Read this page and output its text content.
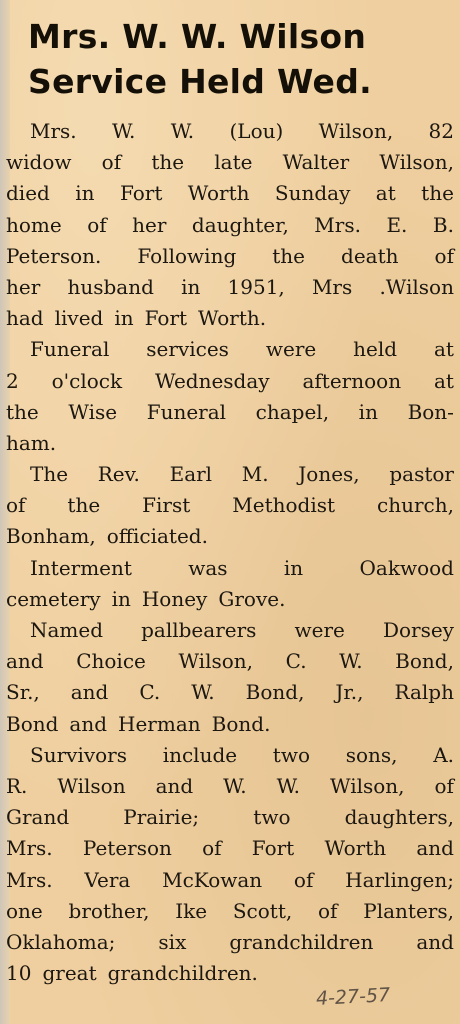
Mrs. W. W. Wilson
Service Held Wed.
Mrs. W. W. (Lou) Wilson, 82
widow of the late Walter Wilson,
died in Fort Worth Sunday at the
home of her daughter, Mrs. E. B.
Peterson. Following the death of
her husband in 1951, Mrs .Wilson
had lived in Fort Worth.
Funeral services were held at
2 o'clock Wednesday afternoon at
the Wise Funeral chapel, in Bon-
ham.
The Rev. Earl M. Jones, pastor
of the First Methodist church,
Bonham, officiated.
Interment	was	in	Oakwood
cemetery in Honey Grove.
Named pallbearers were Dorsey
and Choice Wilson, C. W. Bond,
Sr., and C. W. Bond, Jr., Ralph
Bond and Herman Bond.
Survivors include two sons, A.
R. Wilson and W. W. Wilson, of
Grand	Prairie;	two	daughters,
Mrs. Peterson of Fort Worth and
Mrs. Vera McKowan of Harlingen;
one brother, Ike Scott, of Planters,
Oklahoma; six grandchildren and
10 great grandchildren.
4-27-57
